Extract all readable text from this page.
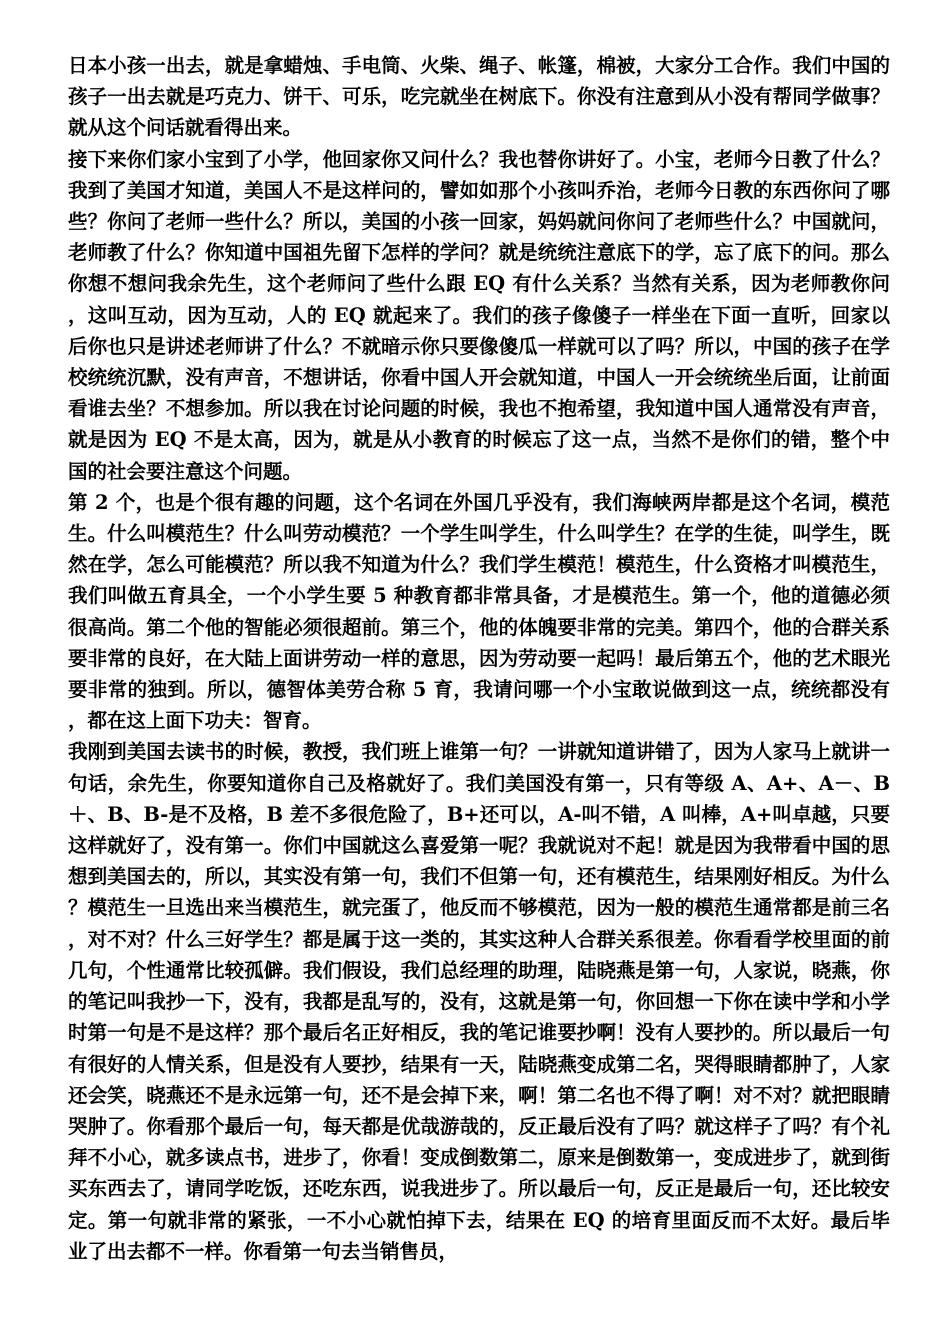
日本小孩一出去，就是拿蜡烛、手电筒、火柴、绳子、帐篷，棉被，大家分工合作。我们中国的孩子一出去就是巧克力、饼干、可乐，吃完就坐在树底下。你没有注意到从小没有帮同学做事？就从这个问话就看得出来。

接下来你们家小宝到了小学，他回家你又问什么？我也替你讲好了。小宝，老师今日教了什么？我到了美国才知道，美国人不是这样问的，譬如如那个小孩叫乔治，老师今日教的东西你问了哪些？你问了老师一些什么？所以，美国的小孩一回家，妈妈就问你问了老师些什么？中国就问，老师教了什么？你知道中国祖先留下怎样的学问？就是统统注意底下的学，忘了底下的问。那么你想不想问我余先生，这个老师问了些什么跟 EQ 有什么关系？当然有关系，因为老师教你问，这叫互动，因为互动，人的 EQ 就起来了。我们的孩子像傻子一样坐在下面一直听，回家以后你也只是讲述老师讲了什么？不就暗示你只要像傻瓜一样就可以了吗？所以，中国的孩子在学校统统沉默，没有声音，不想讲话，你看中国人开会就知道，中国人一开会统统坐后面，让前面看谁去坐？不想参加。所以我在讨论问题的时候，我也不抱希望，我知道中国人通常没有声音，就是因为 EQ 不是太高，因为，就是从小教育的时候忘了这一点，当然不是你们的错，整个中国的社会要注意这个问题。

第 2 个，也是个很有趣的问题，这个名词在外国几乎没有，我们海峡两岸都是这个名词，模范生。什么叫模范生？什么叫劳动模范？一个学生叫学生，什么叫学生？在学的生徒，叫学生，既然在学，怎么可能模范？所以我不知道为什么？我们学生模范！模范生，什么资格才叫模范生，我们叫做五育具全，一个小学生要 5 种教育都非常具备，才是模范生。第一个，他的道德必须很高尚。第二个他的智能必须很超前。第三个，他的体魄要非常的完美。第四个，他的合群关系要非常的良好，在大陆上面讲劳动一样的意思，因为劳动要一起吗！最后第五个，他的艺术眼光要非常的独到。所以，德智体美劳合称 5 育，我请问哪一个小宝敢说做到这一点，统统都没有，都在这上面下功夫：智育。

我刚到美国去读书的时候，教授，我们班上谁第一句？一讲就知道讲错了，因为人家马上就讲一句话，余先生，你要知道你自己及格就好了。我们美国没有第一，只有等级 A、A+、A－、B＋、B、B-是不及格，B 差不多很危险了，B+还可以，A-叫不错，A 叫棒，A+叫卓越，只要这样就好了，没有第一。你们中国就这么喜爱第一呢？我就说对不起！就是因为我带看中国的思想到美国去的，所以，其实没有第一句，我们不但第一句，还有模范生，结果刚好相反。为什么？模范生一旦选出来当模范生，就完蛋了，他反而不够模范，因为一般的模范生通常都是前三名，对不对？什么三好学生？都是属于这一类的，其实这种人合群关系很差。你看看学校里面的前几句，个性通常比较孤僻。我们假设，我们总经理的助理，陆晓燕是第一句，人家说，晓燕，你的笔记叫我抄一下，没有，我都是乱写的，没有，这就是第一句，你回想一下你在读中学和小学时第一句是不是这样？那个最后名正好相反，我的笔记谁要抄啊！没有人要抄的。所以最后一句有很好的人情关系，但是没有人要抄，结果有一天，陆晓燕变成第二名，哭得眼睛都肿了，人家还会笑，晓燕还不是永远第一句，还不是会掉下来，啊！第二名也不得了啊！对不对？就把眼睛哭肿了。你看那个最后一句，每天都是优哉游哉的，反正最后没有了吗？就这样子了吗？有个礼拜不小心，就多读点书，进步了，你看！变成倒数第二，原来是倒数第一，变成进步了，就到街 买东西去了，请同学吃饭，还吃东西，说我进步了。所以最后一句，反正是最后一句，还比较安定。第一句就非常的紧张，一不小心就怕掉下去，结果在 EQ 的培育里面反而不太好。最后毕业了出去都不一样。你看第一句去当销售员，
